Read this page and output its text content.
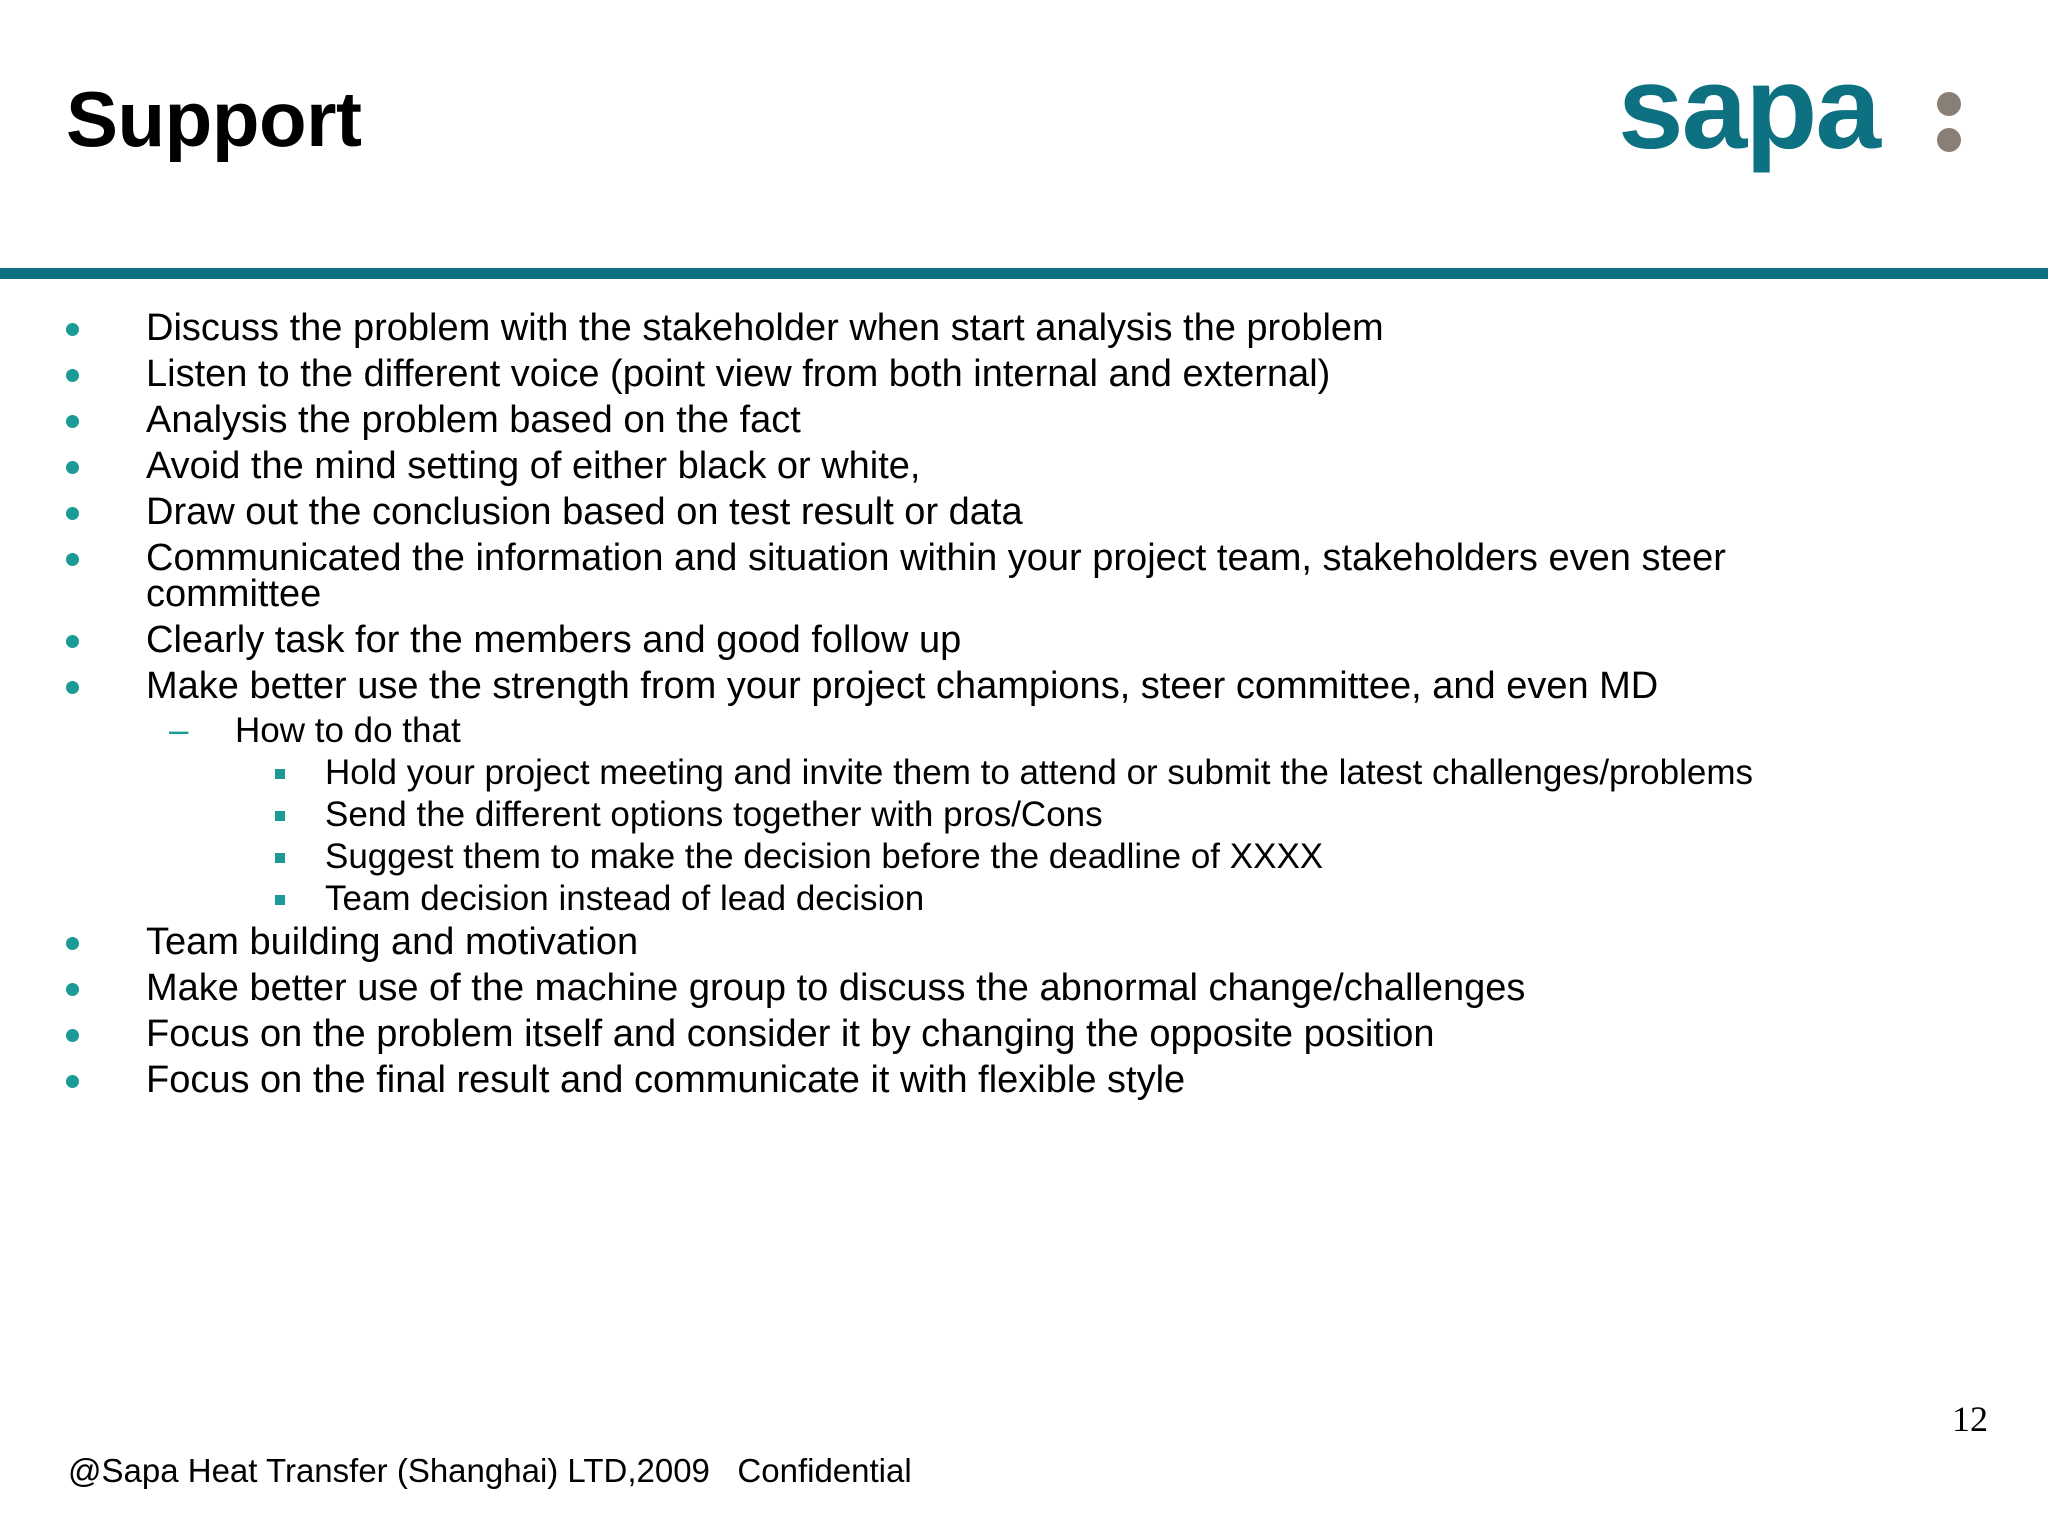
Support	sapa
Discuss the problem with the stakeholder when start analysis the problem
Listen to the different voice (point view from both internal and external)
Analysis the problem based on the fact
Avoid the mind setting of either black or white,
Draw out the conclusion based on test result or data
Communicated the information and situation within your project team, stakeholders even steer committee
Clearly task for the members and good follow up
Make better use the strength from your project champions, steer committee, and even MD
– How to do that
Hold your project meeting and invite them to attend or submit the latest challenges/problems
Send the different options together with pros/Cons
Suggest them to make the decision before the deadline of XXXX
Team decision instead of lead decision
Team building and motivation
Make better use of the machine group to discuss the abnormal change/challenges
Focus on the problem itself and consider it by changing the opposite position
Focus on the final result and communicate it with flexible style
12
@Sapa Heat Transfer (Shanghai) LTD,2009   Confidential
